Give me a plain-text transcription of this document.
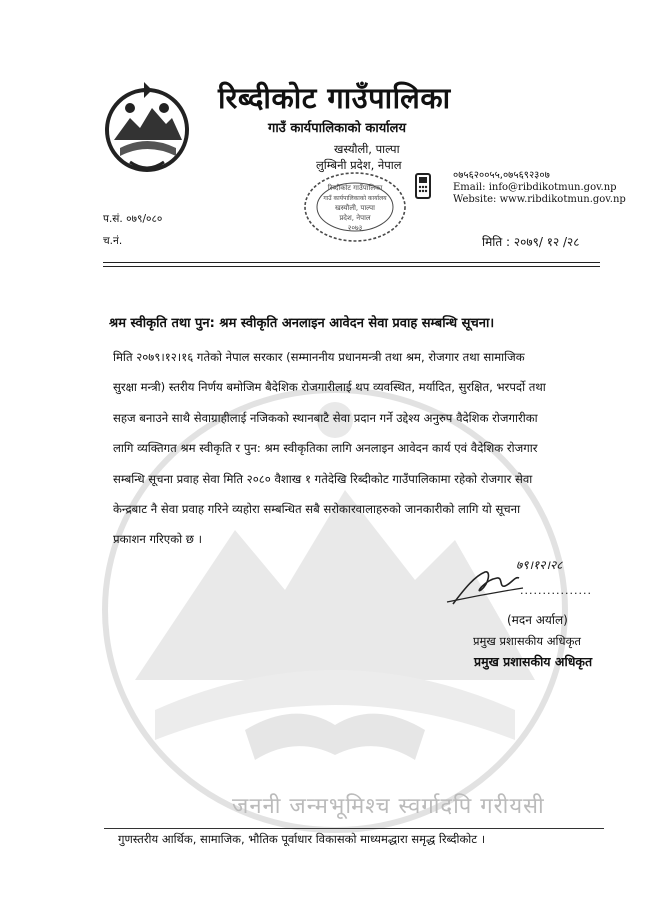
रिब्दीकोट गाउँपालिका
गाउँ कार्यपालिकाको कार्यालय
खस्यौली, पाल्पा
लुम्बिनी प्रदेश, नेपाल
रिब्दीकोट गाउँपालिका
गाउँ कार्यपालिकाको कार्यालय
खस्यौली, पाल्पा
प्रदेश, नेपाल
२०७३
०७५६२००५५,०७५६९२३०७
Email: info@ribdikotmun.gov.np
Website: www.ribdikotmun.gov.np
प.सं. ०७९/०८०
च.नं.	मिति : २०७९/ १२ /२८
श्रम स्वीकृति तथा पुन: श्रम स्वीकृति अनलाइन आवेदन सेवा प्रवाह सम्बन्धि सूचना।
मिति २०७९।१२।१६ गतेको नेपाल सरकार (सम्माननीय प्रधानमन्त्री तथा श्रम, रोजगार तथा सामाजिक
सुरक्षा मन्त्री) स्तरीय निर्णय बमोजिम बैदेशिक रोजगारीलाई थप व्यवस्थित, मर्यादित, सुरक्षित, भरपर्दो तथा
सहज बनाउने साथै सेवाग्राहीलाई नजिकको स्थानबाटै सेवा प्रदान गर्ने उद्देश्य अनुरुप वैदेशिक रोजगारीका
लागि व्यक्तिगत श्रम स्वीकृति र पुन: श्रम स्वीकृतिका लागि अनलाइन आवेदन कार्य एवं वैदेशिक रोजगार
सम्बन्धि सूचना प्रवाह सेवा मिति २०८० वैशाख १ गतेदेखि रिब्दीकोट गाउँपालिकामा रहेको रोजगार सेवा
केन्द्रबाट नै सेवा प्रवाह गरिने व्यहोरा सम्बन्धित सबै सरोकारवालाहरुको जानकारीको लागि यो सूचना
प्रकाशन गरिएको छ ।
७९।१२।२८
................
(मदन अर्याल)
प्रमुख प्रशासकीय अधिकृत
प्रमुख प्रशासकीय अधिकृत
जननी जन्मभूमिश्च स्वर्गादपि गरीयसी
गुणस्तरीय आर्थिक, सामाजिक, भौतिक पूर्वाधार विकासको माध्यमद्धारा समृद्ध रिब्दीकोट ।
